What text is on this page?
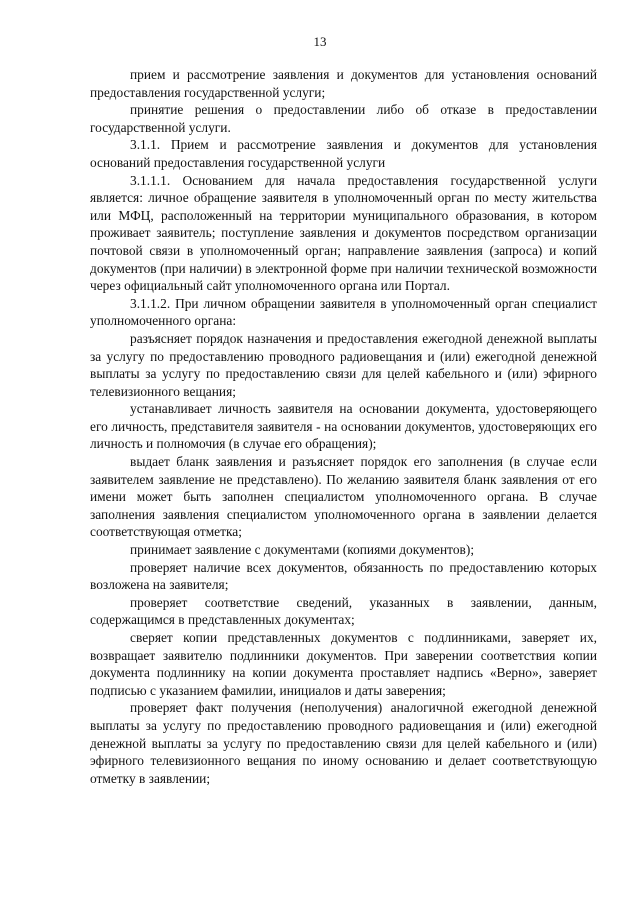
13

прием и рассмотрение заявления и документов для установления оснований предоставления государственной услуги;

принятие решения о предоставлении либо об отказе в предоставлении государственной услуги.

3.1.1. Прием и рассмотрение заявления и документов для установления оснований предоставления государственной услуги

3.1.1.1. Основанием для начала предоставления государственной услуги является: личное обращение заявителя в уполномоченный орган по месту жительства или МФЦ, расположенный на территории муниципального образования, в котором проживает заявитель; поступление заявления и документов посредством организации почтовой связи в уполномоченный орган; направление заявления (запроса) и копий документов (при наличии) в электронной форме при наличии технической возможности через официальный сайт уполномоченного органа или Портал.

3.1.1.2. При личном обращении заявителя в уполномоченный орган специалист уполномоченного органа:

разъясняет порядок назначения и предоставления ежегодной денежной выплаты за услугу по предоставлению проводного радиовещания и (или) ежегодной денежной выплаты за услугу по предоставлению связи для целей кабельного и (или) эфирного телевизионного вещания;

устанавливает личность заявителя на основании документа, удостоверяющего его личность, представителя заявителя - на основании документов, удостоверяющих его личность и полномочия (в случае его обращения);

выдает бланк заявления и разъясняет порядок его заполнения (в случае если заявителем заявление не представлено). По желанию заявителя бланк заявления от его имени может быть заполнен специалистом уполномоченного органа. В случае заполнения заявления специалистом уполномоченного органа в заявлении делается соответствующая отметка;

принимает заявление с документами (копиями документов);

проверяет наличие всех документов, обязанность по предоставлению которых возложена на заявителя;

проверяет соответствие сведений, указанных в заявлении, данным, содержащимся в представленных документах;

сверяет копии представленных документов с подлинниками, заверяет их, возвращает заявителю подлинники документов. При заверении соответствия копии документа подлиннику на копии документа проставляет надпись «Верно», заверяет подписью с указанием фамилии, инициалов и даты заверения;

проверяет факт получения (неполучения) аналогичной ежегодной денежной выплаты за услугу по предоставлению проводного радиовещания и (или) ежегодной денежной выплаты за услугу по предоставлению связи для целей кабельного и (или) эфирного телевизионного вещания по иному основанию и делает соответствующую отметку в заявлении;
